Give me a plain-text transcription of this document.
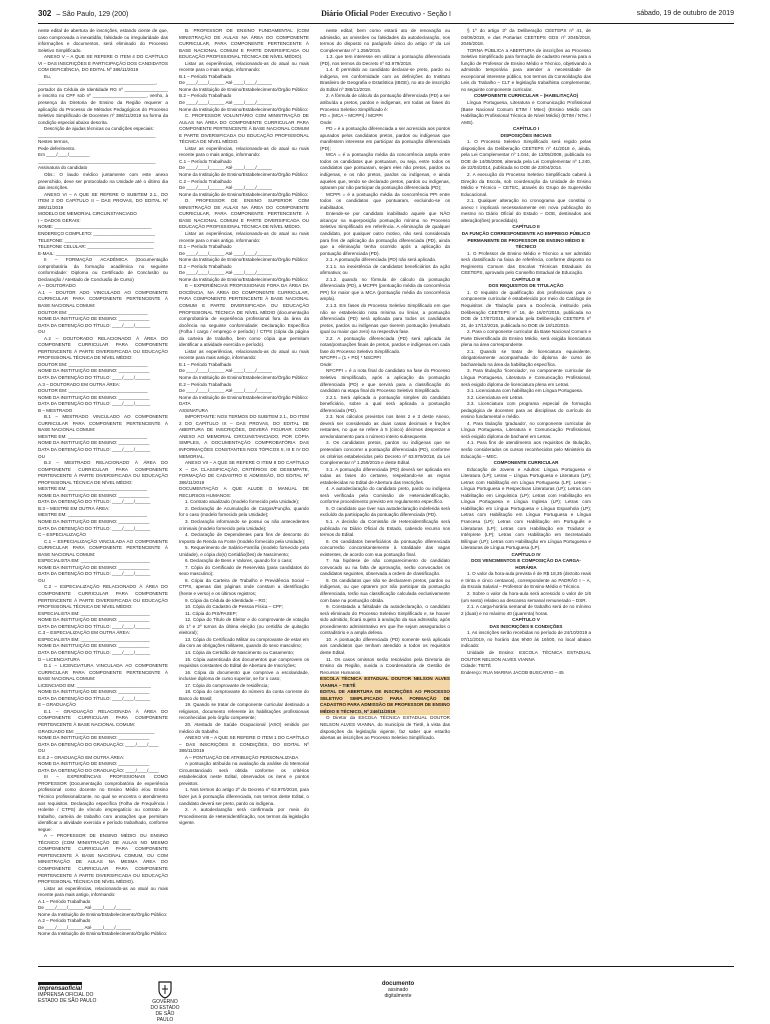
302 – São Paulo, 129 (200)	Diário Oficial Poder Executivo - Seção I	sábado, 19 de outubro de 2019

neste edital de abertura de inscrições, estando ciente de que, caso comprovada a inexatidão, falsidade ou irregularidade das informações e documentos, será eliminado do Processo Seletivo Simplificado.

ANEXO V – A QUE SE REFERE O ITEM 4 DO CAPÍTULO VI – DAS INSCRIÇÕES E PARTICIPAÇÃO DOS CANDIDATOS COM DEFICIÊNCIA, DO EDITAL Nº 386/11/2019

Eu, ______________________________________________, portador da Cédula de Identidade RG nº _________________ e inscrito no CPF sob nº _____________________, venho, à presença da Diretoria de Ensino da Região requerer a aplicação do Processo de Métodos Pedagógicos do Processo Seletivo Simplificado de Docentes nº 386/11/2019 na forma da condição especial abaixo descrita.

Descrição de ajudas técnicas ou condições especiais:

______________________________________________

Nestes termos,

Pede deferimento.

Em ____/____/________

______________________________________________

Assinatura do candidato

Obs.: O laudo médico juntamente com este anexo preenchido, deve ser protocolado na Unidade até o último dia das inscrições.

ANEXO VI – A QUE SE REFERE O SUBITEM 2.1., DO ITEM 2 DO CAPÍTULO II – DAS PROVAS, DO EDITAL Nº 386/11/2019

MODELO DE MEMORIAL CIRCUNSTANCIADO

I – DADOS GERAIS:

NOME: ______________________________________

ENDEREÇO COMPLETO: ________________________

TELEFONE: ___________________________________

TELEFONE CELULAR: __________________________

E-MAIL: ______________________________________

II – FORMAÇÃO ACADÊMICA (Documentação comprobatória da formação acadêmica no seguinte conformidade: Diploma ou Certificado de Conclusão ou Declaração / Atestado de Conclusão de Curso)

A – DOUTORADO

A.1 – DOUTOR ADO VINCULADO AO COMPONENTE CURRICULAR PARA COMPONENTE PERTENCENTE À BASE NACIONAL COMUM:

DOUTOR EM: _______________________________

NOME DA INSTITUIÇÃO DE ENSINO: ____________

DATA DA OBTENÇÃO DO TÍTULO: ____/____/______

OU

A.2 – DOUTORADO RELACIONADO À ÁREA DO COMPONENTE CURRICULAR PARA COMPONENTE PERTENCENTE À PARTE DIVERSIFICADA OU EDUCAÇÃO PROFISSIONAL TÉCNICA DE NÍVEL MÉDIO:

DOUTOR EM: _______________________________

NOME DA INSTITUIÇÃO DE ENSINO: ____________

DATA DA OBTENÇÃO DO TÍTULO: ____/____/______

A.3 – DOUTORADO EM OUTRA ÁREA:

DOUTOR EM: _______________________________

NOME DA INSTITUIÇÃO DE ENSINO: ____________

DATA DA OBTENÇÃO DO TÍTULO: ____/____/______

B – MESTRADO

B.1 – MESTRADO VINCULADO AO COMPONENTE CURRICULAR PARA COMPONENTE PERTENCENTE À BASE NACIONAL COMUM:

MESTRE EM: _______________________________

NOME DA INSTITUIÇÃO DE ENSINO: ____________

DATA DA OBTENÇÃO DO TÍTULO: ____/____/______

OU

B.2 – MESTRADO RELACIONADO À ÁREA DO COMPONENTE CURRICULAR PARA COMPONENTE PERTENCENTE À PARTE DIVERSIFICADA OU EDUCAÇÃO PROFISSIONAL TÉCNICA DE NÍVEL MÉDIO:

MESTRE EM: _______________________________

NOME DA INSTITUIÇÃO DE ENSINO: ____________

DATA DA OBTENÇÃO DO TÍTULO: ____/____/______

B.3 – MESTRE EM OUTRA ÁREA:

MESTRE EM: _______________________________

NOME DA INSTITUIÇÃO DE ENSINO: ____________

DATA DA OBTENÇÃO DO TÍTULO: ____/____/______

C – ESPECIALIZAÇÃO

C.1 – ESPECIALIZAÇÃO VINCULADA AO COMPONENTE CURRICULAR PARA COMPONENTE PERTENCENTE À BASE NACIONAL COMUM:

ESPECIALISTA EM: ___________________________

NOME DA INSTITUIÇÃO DE ENSINO: ____________

DATA DA OBTENÇÃO DO TÍTULO: ____/____/______

OU

C.2 – ESPECIALIZAÇÃO RELACIONADO À ÁREA DO COMPONENTE CURRICULAR PARA COMPONENTE PERTENCENTE À PARTE DIVERSIFICADA OU EDUCAÇÃO PROFISSIONAL TÉCNICA DE NÍVEL MÉDIO:

ESPECIALISTA EM: ___________________________

NOME DA INSTITUIÇÃO DE ENSINO: ____________

DATA DA OBTENÇÃO DO TÍTULO: ____/____/______

C.3 – ESPECIALIZAÇÃO EM OUTRA ÁREA:

ESPECIALISTA EM: ___________________________

NOME DA INSTITUIÇÃO DE ENSINO: ____________

DATA DA OBTENÇÃO DO TÍTULO: ____/____/______

D – LICENCIATURA

D.1 – LICENCIATURA VINCULADA AO COMPONENTE CURRICULAR PARA COMPONENTE PERTENCENTE À BASE NACIONAL COMUM:

LICENCIADO EM: _____________________________

NOME DA INSTITUIÇÃO DE ENSINO: ____________

DATA DA OBTENÇÃO DO TÍTULO: ____/____/______

E – GRADUAÇÃO

E.1 – GRADUAÇÃO RELACIONADA À ÁREA DO COMPONENTE CURRICULAR PARA COMPONENTE PERTENCENTE À BASE NACIONAL COMUM:

GRADUADO EM: _______________________________

NOME DA INSTITUIÇÃO DE ENSINO: ____________

DATA DA OBTENÇÃO DO GRADUAÇÃO: ____/____/____

OU

E.E.2 – GRADUAÇÃO EM OUTRA ÁREA:

NOME DA INSTITUIÇÃO DE ENSINO: ____________

DATA DA OBTENÇÃO DO GRADUAÇÃO: ____/____/____

III – EXPERIÊNCIAS PROFISSIONAIS COMO PROFESSOR (Documentação comprobatória de experiência profissional como docente no Ensino Médio e/ou Ensino Técnico profissionalizante, no qual se encontra o atendimento aos requisitos. Declaração específica (Folha de Frequência / Holerite / CTPS) de vínculo empregatício ou contrato de trabalho, carteira de trabalho com anotações que permitam identificar a atividade exercida e período trabalhado, conforme segue:

A – PROFESSOR DE ENSINO MÉDIO OU ENSINO TÉCNICO (COM MINISTRAÇÃO DE AULAS NO MESMO COMPONENTE CURRICULAR PARA COMPONENTE PERTENCENTE À BASE NACIONAL COMUM, OU COM MINISTRAÇÃO DE AULAS NA MESMA ÁREA DO COMPONENTE CURRICULAR PARA COMPONENTE PERTENCENTE À PARTE DIVERSIFICADA OU EDUCAÇÃO PROFISSIONAL TÉCNICA DE NÍVEL MÉDIO).

Listar as experiências, relacionando-as ao atual ou mais recente para mais antigo, informando:

A.1 – Período Trabalhado

De ____/____/______ Até ____/____/______

Nome da Instituição de Ensino/Estabelecimento/Órgão Público:

A.2 – Período Trabalhado

De ____/____/______ Até ____/____/______

Nome da Instituição de Ensino/Estabelecimento/Órgão Público:

B. PROFESSOR DE ENSINO FUNDAMENTAL (COM MINISTRAÇÃO DE AULAS NA ÁREA DO COMPONENTE CURRICULAR, PARA COMPONENTE PERTENCENTE À BASE NACIONAL COMUM E PARTE DIVERSIFICADA OU EDUCAÇÃO PROFISSIONAL TÉCNICA DE NÍVEL MÉDIO).

Listar as experiências, relacionando-as do atual ou mais recente para o mais antigo, informando:

B.1 – Período Trabalhado

De ____/____/______ Até ____/____/______

Nome da Instituição de Ensino/Estabelecimento/Órgão Público:

B.2 – Período Trabalhado

De ____/____/______ Até ____/____/______

Nome da Instituição de Ensino/Estabelecimento/Órgão Público:

C. PROFESSOR VOLUNTÁRIO COM MINISTRAÇÃO DE AULAS NA ÁREA DO COMPONENTE CURRICULAR PARA COMPONENTE PERTENCENTE À BASE NACIONAL COMUM E PARTE DIVERSIFICADA OU EDUCAÇÃO PROFISSIONAL TÉCNICA DE NÍVEL MÉDIO.

Listar as experiências, relacionando-as do atual ou mais recente para o mais antigo, informando:

C.1 – Período Trabalhado

De ____/____/______ Até ____/____/______

Nome da Instituição de Ensino/Estabelecimento/Órgão Público:

C.2 – Período Trabalhado

De ____/____/______ Até ____/____/______

Nome da Instituição de Ensino/Estabelecimento/Órgão Público:

D. PROFESSOR DE ENSINO SUPERIOR COM MINISTRAÇÃO DE AULAS NA ÁREA DO COMPONENTE CURRICULAR, PARA COMPONENTE PERTENCENTE À BASE NACIONAL COMUM E PARTE DIVERSIFICADA OU EDUCAÇÃO PROFISSIONAL TÉCNICA DE NÍVEL MÉDIO.

Listar as experiências, relacionando-as do atual ou mais recente para o mais antigo, informando:

D.1 – Período Trabalhado

De ____/____/______ Até ____/____/______

Nome da Instituição de Ensino/Estabelecimento/Órgão Público:

D.2 – Período Trabalhado

De ____/____/______ Até ____/____/______

Nome da Instituição de Ensino/Estabelecimento/Órgão Público:

E – EXPERIÊNCIAS PROFISSIONAIS FORA DA ÁREA DA DOCÊNCIA, NA ÁREA DO COMPONENTE CURRICULAR, PARA COMPONENTE PERTENCENTE À BASE NACIONAL COMUM E PARTE DIVERSIFICADA OU EDUCAÇÃO PROFISSIONAL TÉCNICA DE NÍVEL MÉDIO (documentação comprobatória de experiência profissional fora da área da docência na seguinte conformidade: Declaração Específica (Folha / cargo / emprego e período) / CTPS (cópia da página da carteira de trabalho, bem como cópia que permitam identificar a atividade exercida e período).

Listar as experiências, relacionando-as do atual ou mais recente para mais antigo, informando:

E.1 – Período Trabalhado

De ____/____/______ Até ____/____/______

Nome da Instituição de Ensino/Estabelecimento/Órgão Público:

E.2 – Período Trabalhado

De ____/____/______ Até ____/____/______

Nome da Instituição de Ensino/Estabelecimento/Órgão Público:

DATA

ASSINATURA

IMPORTANTE: NOS TERMOS DO SUBITEM 2.1., DO ITEM 2 DO CAPÍTULO IX – DAS PROVAS, DO EDITAL DE ABERTURA DE INSCRIÇÕES, DEVERÁ FIGURAR COMO ANEXO AO MEMORIAL CIRCUNSTANCIADO, POR CÓPIA SIMPLES, A DOCUMENTAÇÃO COMPROBATÓRIA DAS INFORMAÇÕES CONSTANTES NOS TÓPICOS II, III E IV DO MEMORIAL.

ANEXO VII – A QUE SE REFERE O ITEM 8 DO CAPÍTULO X – DA CLASSIFICAÇÃO, CRITÉRIOS DE DESEMPATE, FORMAÇÃO DE CADASTRO E ADMISSÃO, DO EDITAL Nº 386/11/2019

DOCUMENTAÇÃO A QUE ALUDE O MANUAL DE RECURSOS HUMANOS:

1. Contrato atualizado (modelo fornecido pela Unidade);

2. Declaração de Acumulação de Cargos/Função, quando for o caso (modelo fornecido pela Unidade);

3. Declaração informando se possui ou não antecedentes criminais (modelo fornecido pela Unidade);

4. Declaração de Dependentes para fins de desconto do Imposto de Renda na Fonte (modelo fornecido pela Unidade);

5. Requerimento de Salário-Família (modelo fornecido pela Unidade), e cópia do(s) Certidão(ões) de Nascimento;

6. Declaração de Bens e Valores, quando for o caso;

7. Cópia do Certificado de Reservista (para candidatos do sexo masculino);

8. Cópia da Carteira de Trabalho e Previdência Social – CTPS, apenas das páginas onde constam a identificação (frente e verso) e os últimos registros;

9. Cópia da Cédula de Identidade – RG;

10. Cópia do Cadastro de Pessoa Física – CPF;

11. Cópia do PIS/PASEP;

12. Cópia do Título de Eleitor e do comprovante de votação do 1º e 2º turnos da última eleição (ou certidão de quitação eleitoral);

13. Cópia do Certificado Militar ou comprovante de estar em dia com as obrigações militares, quando do sexo masculino;

14. Cópia da Certidão de Nascimento ou Casamento;

15. Cópia autenticada dos documentos que comprovem os requisitos constantes do Edital de Abertura de Inscrições;

16. Cópia do documento que comprove a escolaridade, inclusive diploma de curso superior, se for o caso;

17. Cópia do comprovante de residência;

18. Cópia do comprovante do número da conta corrente do Banco do Brasil;

19. Quando se tratar de componente curricular destinado a religiosos, documento referente às habilitações profissionais reconhecidas pelo órgão competente;

20. Atestado de Saúde Ocupacional (ASO) emitido por médico do trabalho.

ANEXO VIII – A QUE SE REFERE O ITEM 1 DO CAPÍTULO – DAS INSCRIÇÕES E CONDIÇÕES, DO EDITAL Nº 386/11/2019

A – PONTUAÇÃO DE ATRIBUIÇÃO PERSONALIZADA

A pontuação atribuída na avaliação da análise do Memorial Circunstanciado será obtida conforme os critérios estabelecidos neste Edital, observados os itens e pontos previstos.

1. Nos termos do artigo 2º do Decreto nº 63.970/2018, para fazer jus à pontuação diferenciada, nos termos deste Edital, o candidato deverá ser preto, pardo ou indígena.

2. A autodeclaração será confirmada por meio do Procedimento de Heteroidentificação, nos termos da legislação vigente.

neste edital, bem como estará ato de renovação ou admissão, as omissões ou falsidades da autodeclaração, nos termos do disposto no parágrafo único do artigo 4º da Lei Complementar nº 1.259/2015.

1.3. que tem interesse em utilizar a pontuação diferenciada (PD), nos termos do Decreto nº 63.979/2018.

1.4. É permitido ao candidato declarar-se preto, pardo ou indígena, em conformidade com as definições do Instituto Brasileiro de Geografia e Estatística (IBGE), no ato de inscrição do Edital nº 386/11/2019.

2. A fórmula de cálculo da pontuação diferenciada (PD) a ser atribuída a pretos, pardos e indígenas, em todas as fases do Processo Seletivo Simplificado é:

PD = (MCA – MCPPI) / MCPPI

Onde:

PD = é a pontuação diferenciada a ser acrescida aos pontos apurados pelos candidatos pretos, pardos ou indígenas que manifestem interesse em participar da pontuação diferenciada (PD);

MCA = é a pontuação média da concorrência ampla entre todos os candidatos que pontuaram, ou seja, entre todos os candidatos que pontuaram, sejam eles não pretos, pardos ou indígenas, e os não pretos, pardos ou indígenas, e ainda aqueles que, tendo se declarado pretos, pardos ou indígenas, optaram por não participar da pontuação diferenciada (PD);

MCPPI = é a pontuação média da concorrência PPI entre todos os candidatos que pontuaram, excluindo-se os inabilitados.

Entende-se por candidato inabilitado aquele que NÃO alcançar na superposição pontuação mínima no Processo Seletivo Simplificado em referência. A eliminação de qualquer candidato, por qualquer outro motivo, não será considerada para fins de aplicação da pontuação diferenciada (PD), ainda que a eliminação tenha ocorrido após a aplicação da pontuação diferenciada (PD).

2.1. A pontuação diferenciada (PD) não será aplicada.

2.1.1. na inexistência de candidatos beneficiários da ação afirmativa; ou

2.1.2. quando no fórmula de cálculo da pontuação diferenciada (PD), a MCPPI (pontuação média da concorrência PPI) for maior que a MCA (pontuação média da concorrência ampla).

2.1.3. Em fases do Processo Seletivo Simplificado em que não se estabelecido nota mínima ou limiar, a pontuação diferenciada (PD) será aplicada para todos os candidatos pretos, pardos ou indígenas que tiverem pontuação (resultado igual ou maior que zero) na respectiva fase.

2.2. A pontuação diferenciada (PD) será aplicada às notas/pontuações finais de pretos, pardos e indígenas em cada fase do Processo Seletivo Simplificado.

NFCPPI = (1 + PD) * NSCPPI

Onde:

NFCPPI = é a nota final do candidato na fase do Processo Seletivo Simplificado, após a aplicação da pontuação diferenciada (PD) e que servirá para a classificação do candidato na etapa final do Processo Seletivo Simplificado.

2.2.1. Será aplicada a pontuação simples do candidato beneficiário, sobre a qual será aplicada a pontuação diferenciada (PD).

2.3. Nos cálculos previstos nos itens 2 e 3 deste Anexo, deverá ser considerado as duas casas decimais e frações restantes, no que se refere à 5 (cinco) décimos desprezar a arredondamento para o número inteiro subsequente.

3. Os candidatos pretos, pardos ou indígenas que se pretendam concorrer a pontuação diferenciada (PD), conforme os critérios estabelecidos pelo Decreto nº 63.979/2018, da Lei Complementar nº 1.259/2015 e deste Edital.

3.1. A pontuação diferenciada (PD) deverá ser aplicada em todas as fases do certame, respeitando-se as regras estabelecidas no Edital de Abertura das Inscrições.

4. A autodeclaração do candidato preto, pardo ou indígena será verificada pela Comissão de Heteroidentificação, conforme procedimento previsto em regulamento específico.

5. O candidato que tiver sua autodeclaração indeferida será excluído da participação da pontuação diferenciada (PD).

5.1. A decisão da Comissão de Heteroidentificação será publicada no Diário Oficial do Estado, cabendo recurso nos termos do Edital.

6. Os candidatos beneficiários da pontuação diferenciada concorrerão concomitantemente à totalidade das vagas existentes, de acordo com sua pontuação final.

7. Na hipótese de não comparecimento do candidato convocado ou na falta de aprovação, serão convocados os candidatos seguintes, observada a ordem de classificação.

8. Os candidatos que não se declararem pretos, pardos ou indígenas, ou que optarem por não participar da pontuação diferenciada, terão sua classificação calculada exclusivamente com base na pontuação obtida.

9. Constatada a falsidade da autodeclaração, o candidato será eliminado do Processo Seletivo Simplificado e, se houver sido admitido, ficará sujeito à anulação da sua admissão, após procedimento administrativo em que lhe sejam assegurados o contraditório e a ampla defesa.

10. A pontuação diferenciada (PD) somente será aplicada aos candidatos que tenham atendido a todos os requisitos deste Edital.

11. Os casos omissos serão resolvidos pela Diretoria de Ensino da Região, ouvida a Coordenadoria de Gestão de Recursos Humanos.

ESCOLA TÉCNICA ESTADUAL DOUTOR NELSON ALVES VIANNA – TIETÊ

EDITAL DE ABERTURA DE INSCRIÇÕES AO PROCESSO SELETIVO SIMPLIFICADO PARA FORMAÇÃO DE CADASTRO PARA ADMISSÃO DE PROFESSOR DE ENSINO MÉDIO E TÉCNICO, Nº 246/11/2019

O Diretor da ESCOLA TÉCNICA ESTADUAL DOUTOR NELSON ALVES VIANNA, do município de Tietê, à vista das disposições da legislação vigente, faz saber que estarão abertas as inscrições ao Processo Seletivo Simplificado.

§ 1º do artigo 3º da Deliberação CEETEPS nº 41, de 04/06/2019, e das Portarias CEETEPS GDS nº 2045/2018, 2046/2018.

TORNA PÚBLICA a ABERTURA de inscrições ao Processo Seletivo Simplificado para formação de cadastro reserva para a função de Professor de Ensino Médio e Técnico, objetivando a admissão temporária para atender a necessidade de excepcional interesse público, nos termos da Consolidação das Leis do Trabalho – CLT e legislação trabalhista complementar, no seguinte componente curricular.

COMPONENTE CURRICULAR – (HABILITAÇÃO)

Língua Portuguesa, Literatura e Comunicação Profissional (Base Nacional Comum ETIM / Mtec) (Ensino Médio com Habilitação Profissional Técnica de Nível Médio) (ETIM / NTec / AMS).

CAPÍTULO I

DISPOSIÇÕES INICIAIS

1. O Processo Seletivo Simplificado será regido pelas disposições da Deliberação CEETEPS nº 41/2018 e, ainda, pela Lei Complementar nº 1.044, de 13/05/2008, publicada no DOE de 14/05/2008, alterada pela Lei Complementar nº 1.240, de 22/04/2014, publicada no DOE de 23/04/2014.

2. A execução do Processo Seletivo Simplificado caberá à Direção da Escola, sob coordenação da Unidade de Ensino Médio e Técnico – CETEC, através do Grupo de Supervisão Educacional.

2.1. Qualquer alteração no cronograma que constitui o anexo I implicará necessariamente em nova publicação do mesmo no Diário Oficial do Estado – DOE, destinados aos alteração(ões) procedida(s).

CAPÍTULO II

DA FUNÇÃO CORRESPONDENTE AO EMPREGO PÚBLICO PERMANENTE DE PROFESSOR DE ENSINO MÉDIO E TÉCNICO

1. O Professor de Ensino Médio e Técnico a ser admitido será classificado na faixa de referência, conforme disposto no Regimento Comum das Escolas Técnicas Estaduais do CEETEPS, aprovado pelo Conselho Estadual de Educação.

CAPÍTULO III

DOS REQUISITOS DE TITULAÇÃO

1. O requisito de qualificação dos profissionais para o componente curricular é estabelecido por meio do Catálogo de Requisitos de Titulação para a Docência, instituído pela Deliberação CEETEPS nº 16, de 16/07/2015, publicada no DOE de 17/07/2015, alterada pela Deliberação CEETEPS nº 21, de 17/12/2015, publicada no DOE de 18/12/2015.

2. Para o componente curricular da Base Nacional Comum e Parte Diversificada do Ensino Médio, será exigida licenciatura plena na área correspondente.

2.1. Quando se tratar de licenciatura equivalente, obrigatoriamente acompanhada do diploma de curso de bacharelado na área da habilitação específica.

3. Para titulação 'licenciado', no componente curricular de Língua Portuguesa, Literatura e Comunicação Profissional, será exigido diploma de licenciatura plena em Letras.

3.1. Licenciatura com habilitação em Língua Portuguesa.

3.2. Licenciatura em Letras.

3.3. Licenciatura com programa especial de formação pedagógica de docentes para as disciplinas do currículo do ensino fundamental e médio.

4. Para titulação 'graduado', no componente curricular de Língua Portuguesa, Literatura e Comunicação Profissional, será exigido diploma de bacharel em Letras.

4.1. Para fins de atendimento aos requisitos de titulação, serão considerados os cursos reconhecidos pelo Ministério da Educação – MEC.

COMPONENTE CURRICULAR

Educação de Jovens e Adultos: Língua Portuguesa e Literatura (LP); Letras – Língua Portuguesa e Literatura (LP); Letras com Habilitação em Língua Portuguesa (LP); Letras – Língua Portuguesa e Respectivas Literaturas (LP); Letras com Habilitação em Linguística (LP); Letras com Habilitação em Língua Portuguesa e Língua Inglesa (LP); Letras com Habilitação em Língua Portuguesa e Língua Espanhola (LP); Letras com Habilitação em Língua Portuguesa e Língua Francesa (LP); Letras com Habilitação em Português e Literaturas (LP); Letras com Habilitação em Tradutor e Intérprete (LP); Letras com Habilitação em Secretariado Bilíngue (LP); Letras com Habilitação em Língua Portuguesa e Literaturas de Língua Portuguesa (LP).

CAPÍTULO IV

DOS VENCIMENTOS E COMPOSIÇÃO DA CARGA-HORÁRIA

1. O valor da hora-aula prevista é de R$ 18,35 (dezoito reais e trinta e cinco centavos), correspondente ao PADRÃO I – A, da Escala Salarial – Professor de Ensino Médio e Técnico.

2. Sobre o valor da hora-aula será acrescido o valor de 1/6 (um sexto) relativo ao descanso semanal remunerado – DSR.

2.1. A carga-horária semanal de trabalho será de no mínimo 2 (duas) e no máximo 40 (quarenta) horas.

CAPÍTULO V

DAS INSCRIÇÕES E CONDIÇÕES

1. As inscrições serão recebidas no período de 24/10/2019 a 07/11/2019, no horário das 9h00 às 16h00, no local abaixo indicado:

Unidade de Ensino: ESCOLA TÉCNICA ESTADUAL DOUTOR NELSON ALVES VIANNA

Cidade: TIETÊ

Endereço: RUA MARINA JACOB BUSCARIO – 45

imprensaoficial
IMPRENSA OFICIAL DO ESTADO DE SÃO PAULO	GOVERNO DO ESTADO DE SÃO PAULO
documento
assinado
digitalmente
